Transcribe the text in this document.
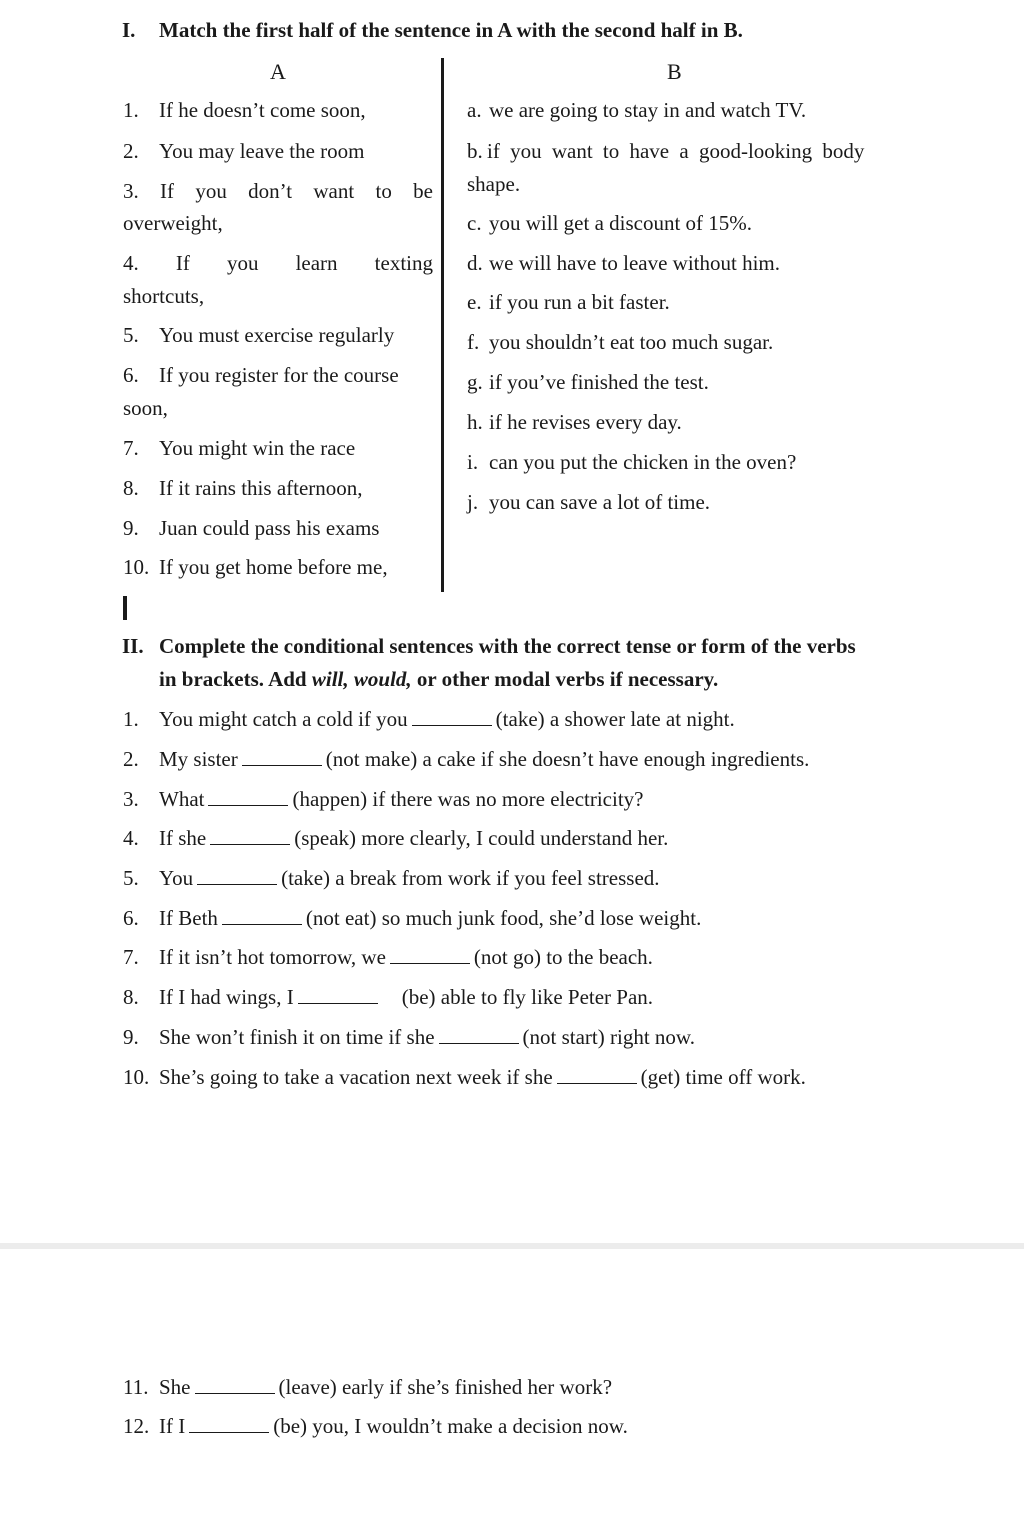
I. Match the first half of the sentence in A with the second half in B.
A	B
1. If he doesn’t come soon,
2. You may leave the room
3. If you don’t want to be
overweight,
4. If you learn texting
shortcuts,
5. You must exercise regularly
6. If you register for the course
soon,
7. You might win the race
8. If it rains this afternoon,
9. Juan could pass his exams
10. If you get home before me,
a. we are going to stay in and watch TV.
b. if you want to have a good-looking body
shape.
c. you will get a discount of 15%.
d. we will have to leave without him.
e. if you run a bit faster.
f. you shouldn’t eat too much sugar.
g. if you’ve finished the test.
h. if he revises every day.
i. can you put the chicken in the oven?
j. you can save a lot of time.
II. Complete the conditional sentences with the correct tense or form of the verbs
in brackets. Add will, would, or other modal verbs if necessary.
1. You might catch a cold if you	(take) a shower late at night.
2. My sister	(not make) a cake if she doesn’t have enough ingredients.
3. What	(happen) if there was no more electricity?
4. If she	(speak) more clearly, I could understand her.
5. You	(take) a break from work if you feel stressed.
6. If Beth	(not eat) so much junk food, she’d lose weight.
7. If it isn’t hot tomorrow, we	(not go) to the beach.
8. If I had wings, I	(be) able to fly like Peter Pan.
9. She won’t finish it on time if she	(not start) right now.
10. She’s going to take a vacation next week if she	(get) time off work.
11. She	(leave) early if she’s finished her work?
12. If I	(be) you, I wouldn’t make a decision now.
